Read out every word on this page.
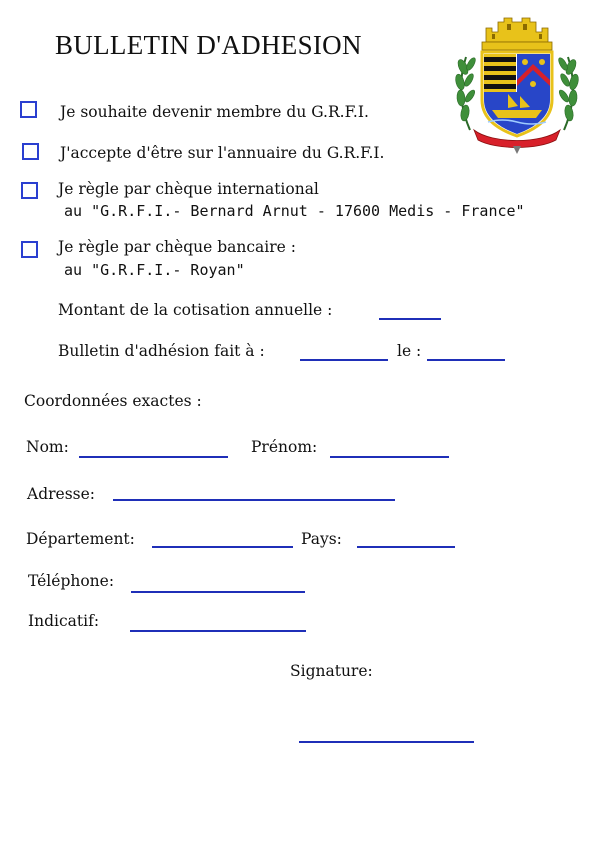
BULLETIN D'ADHESION
Je souhaite devenir membre du G.R.F.I.
J'accepte d'être sur l'annuaire du G.R.F.I.
Je règle par chèque international
au "G.R.F.I.- Bernard Arnut - 17600 Medis - France"
Je règle par chèque bancaire :
au "G.R.F.I.- Royan"
Montant de la cotisation annuelle :
Bulletin d'adhésion fait à :	le :
Coordonnées exactes :
Nom:	Prénom:
Adresse:
Département:	Pays:
Téléphone:
Indicatif:
Signature:
